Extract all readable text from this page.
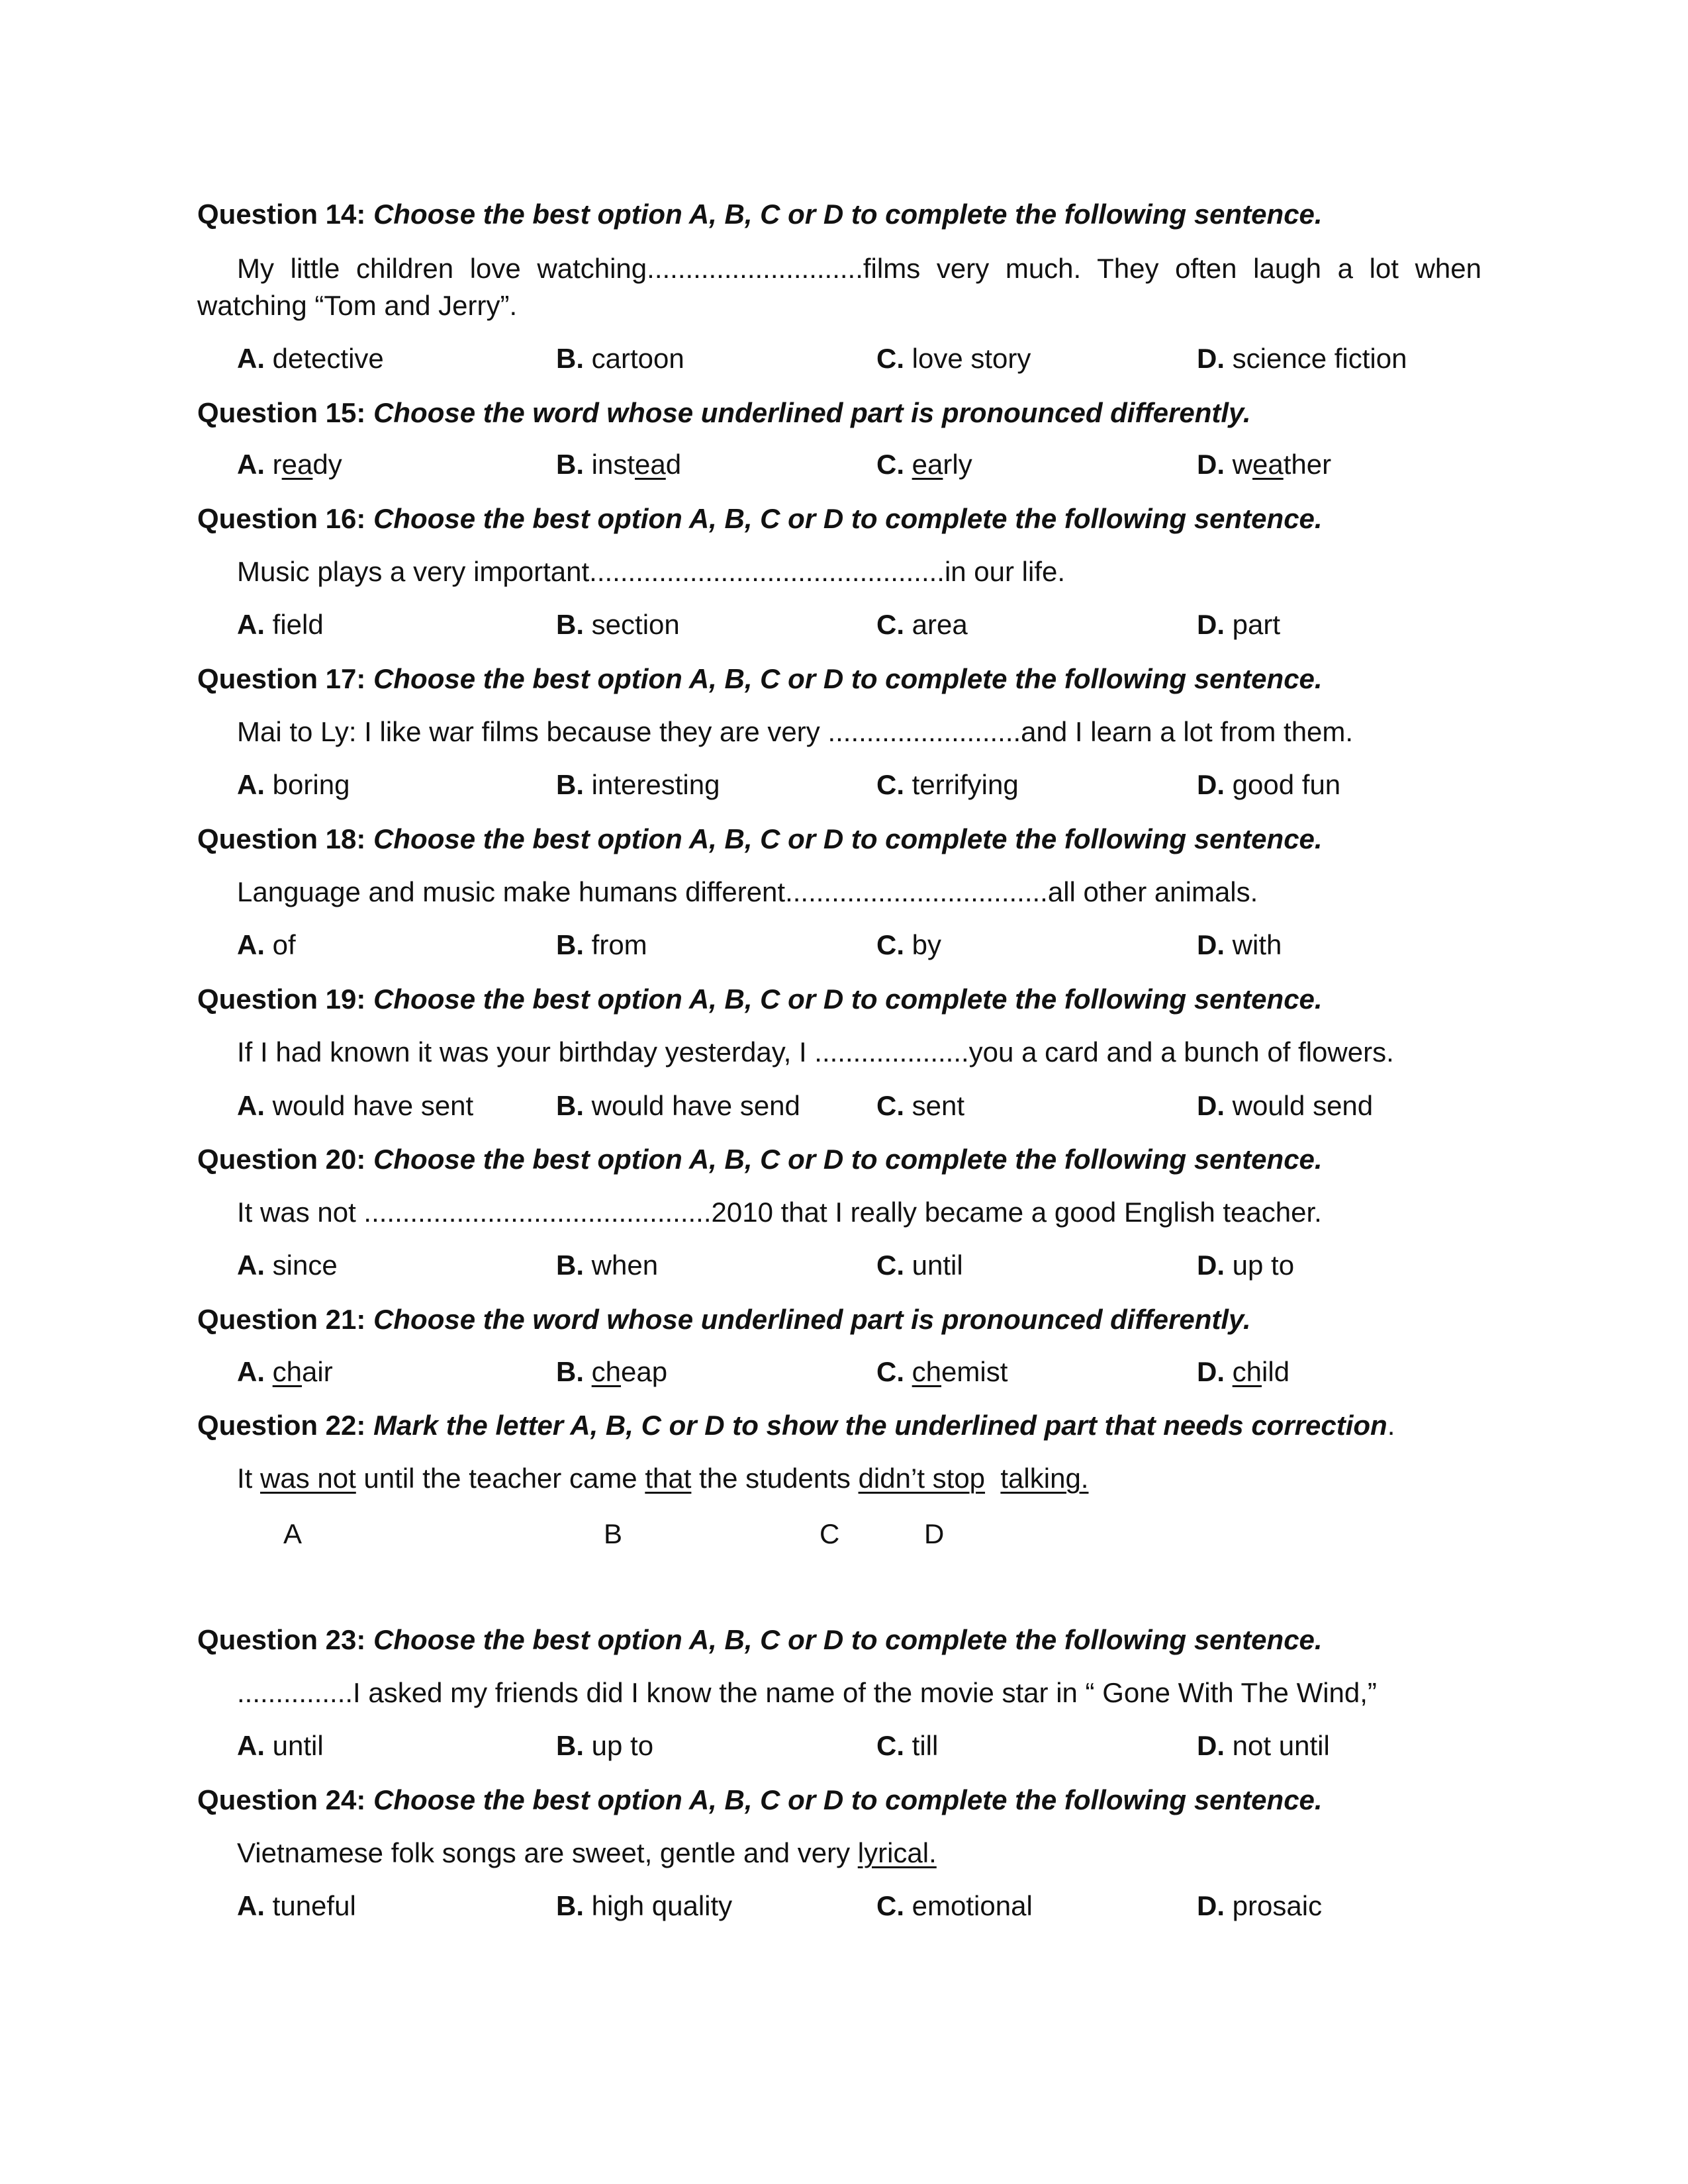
Question 14: Choose the best option A, B, C or D to complete the following sentence.
My little children love watching............................films very much. They often laugh a lot when watching “Tom and Jerry”.
A. detective	B. cartoon	C. love story	D. science fiction
Question 15: Choose the word whose underlined part is pronounced differently.
A. ready	B. instead	C. early	D. weather
Question 16: Choose the best option A, B, C or D to complete the following sentence.
Music plays a very important..............................................in our life.
A. field	B. section	C. area	D. part
Question 17: Choose the best option A, B, C or D to complete the following sentence.
Mai to Ly: I like war films because they are very .........................and I learn a lot from them.
A. boring	B. interesting	C. terrifying	D. good fun
Question 18: Choose the best option A, B, C or D to complete the following sentence.
Language and music make humans different..................................all other animals.
A. of	B. from	C. by	D. with
Question 19: Choose the best option A, B, C or D to complete the following sentence.
If I had known it was your birthday yesterday, I ....................you a card and a bunch of flowers.
A. would have sent	B. would have send	C. sent	D. would send
Question 20: Choose the best option A, B, C or D to complete the following sentence.
It was not .............................................2010 that I really became a good English teacher.
A. since	B. when	C. until	D. up to
Question 21: Choose the word whose underlined part is pronounced differently.
A. chair	B. cheap	C. chemist	D. child
Question 22: Mark the letter A, B, C or D to show the underlined part that needs correction.
It was not until the teacher came that the students didn’t stop talking.
A	B	C	D
Question 23: Choose the best option A, B, C or D to complete the following sentence.
...............I asked my friends did I know the name of the movie star in “ Gone With The Wind,”
A. until	B. up to	C. till	D. not until
Question 24: Choose the best option A, B, C or D to complete the following sentence.
Vietnamese folk songs are sweet, gentle and very lyrical.
A. tuneful	B. high quality	C. emotional	D. prosaic
